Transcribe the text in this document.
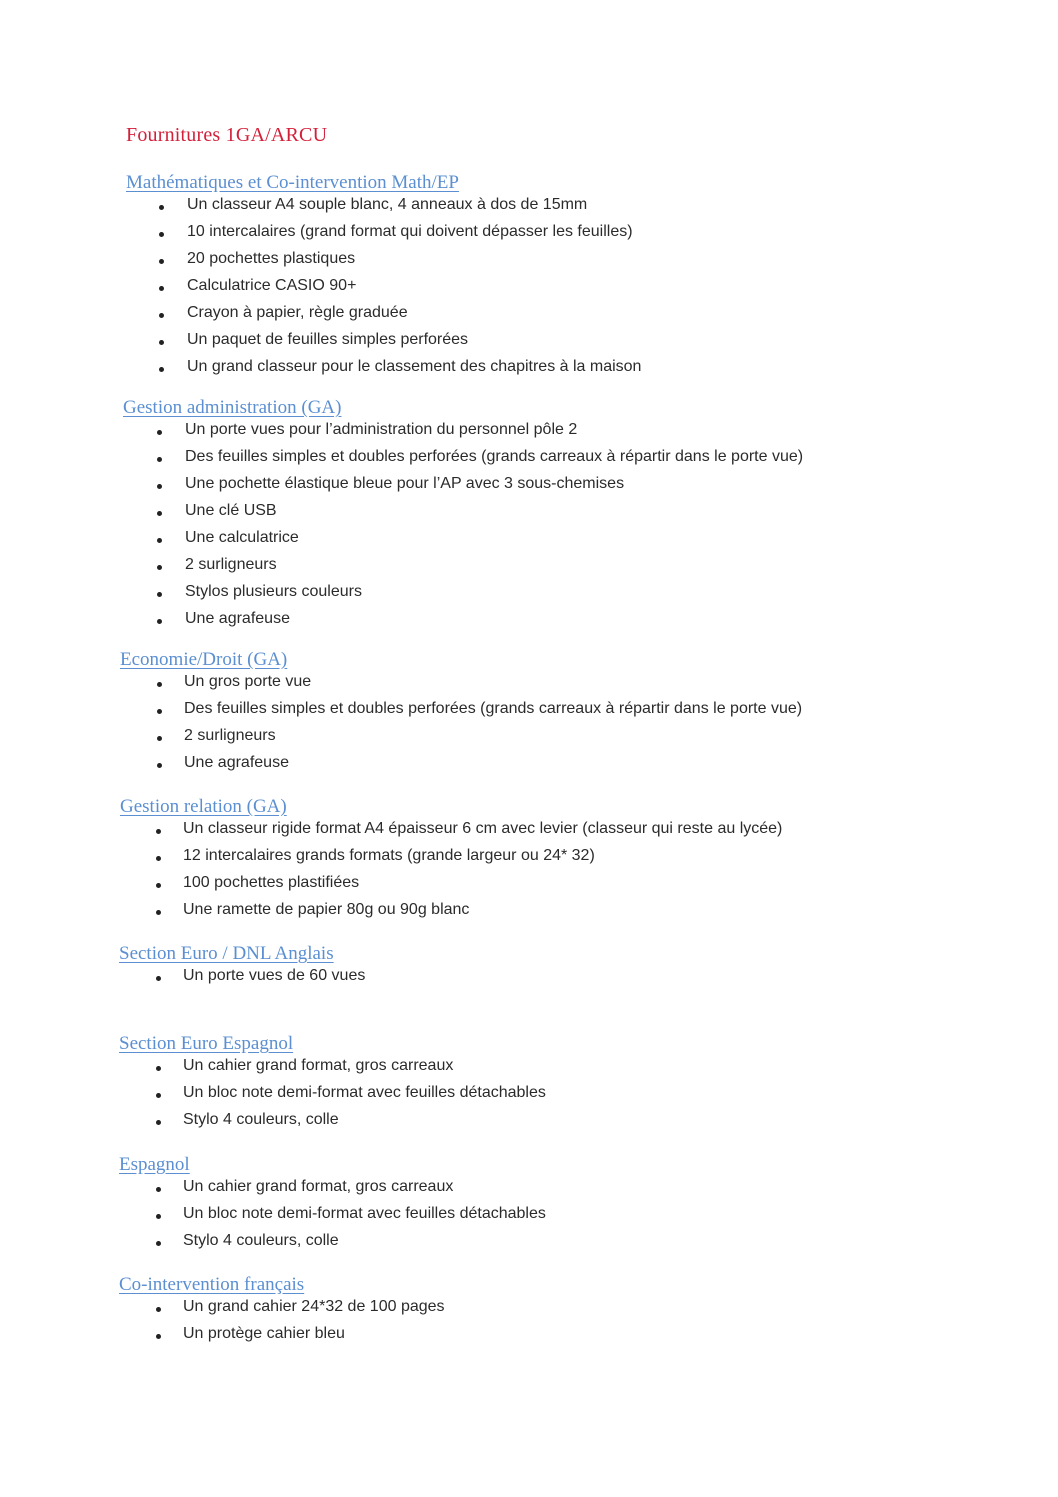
Fournitures 1GA/ARCU
Mathématiques et Co-intervention Math/EP
Un classeur A4 souple blanc, 4 anneaux à dos de 15mm
10 intercalaires (grand format qui doivent dépasser les feuilles)
20 pochettes plastiques
Calculatrice CASIO 90+
Crayon à papier, règle graduée
Un paquet de feuilles simples perforées
Un grand classeur pour le classement des chapitres à la maison
Gestion administration (GA)
Un porte vues pour l’administration du personnel pôle 2
Des feuilles simples et doubles perforées (grands carreaux à répartir dans le porte vue)
Une pochette élastique bleue pour l’AP avec 3 sous-chemises
Une clé USB
Une calculatrice
2 surligneurs
Stylos plusieurs couleurs
Une agrafeuse
Economie/Droit (GA)
Un gros porte vue
Des feuilles simples et doubles perforées (grands carreaux à répartir dans le porte vue)
2 surligneurs
Une agrafeuse
Gestion relation (GA)
Un classeur rigide format A4 épaisseur 6 cm avec levier (classeur qui reste au lycée)
12 intercalaires grands formats (grande largeur ou 24* 32)
100 pochettes plastifiées
Une ramette de papier 80g ou 90g blanc
Section Euro / DNL Anglais
Un porte vues de 60 vues
Section Euro Espagnol
Un cahier grand format, gros carreaux
Un bloc note demi-format avec feuilles détachables
Stylo 4 couleurs, colle
Espagnol
Un cahier grand format, gros carreaux
Un bloc note demi-format avec feuilles détachables
Stylo 4 couleurs, colle
Co-intervention français
Un grand cahier 24*32 de 100 pages
Un protège cahier bleu
